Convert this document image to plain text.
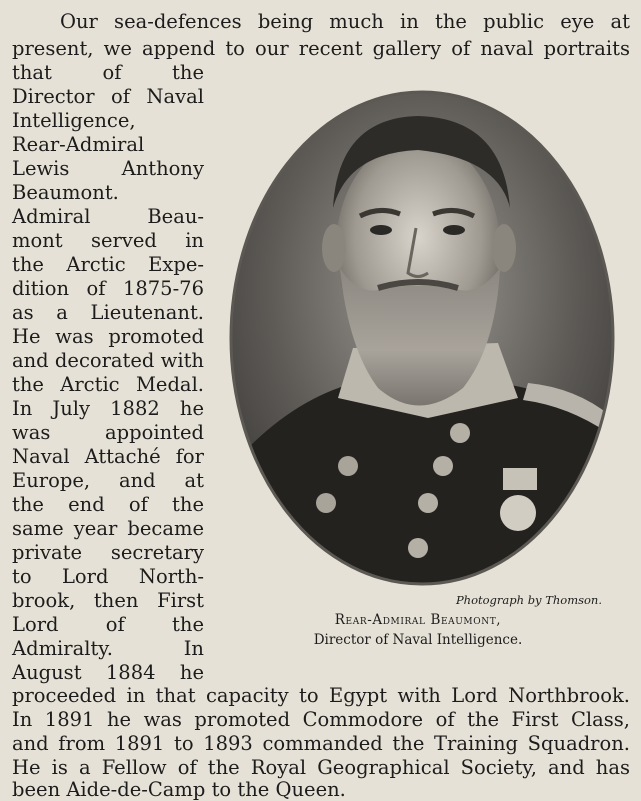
Our sea-defences being much in the public eye at
present, we append to our recent gallery of naval portraits
that of the
Director of Naval
Intelligence,
Rear-Admiral
Lewis Anthony
Beaumont.
Admiral Beau-
mont served in
the Arctic Expe-
dition of 1875-76
as a Lieutenant.
He was promoted
and decorated with
the Arctic Medal.
In July 1882 he
was appointed
Naval Attaché for
Europe, and at
the end of the
same year became
private secretary
to Lord North-
brook, then First
Lord of the
Admiralty. In
August 1884 he
proceeded in that capacity to Egypt with Lord Northbrook.
In 1891 he was promoted Commodore of the First Class,
and from 1891 to 1893 commanded the Training Squadron.
He is a Fellow of the Royal Geographical Society, and has
been Aide-de-Camp to the Queen.
Photograph by Thomson.
Rear-Admiral Beaumont,
Director of Naval Intelligence.
